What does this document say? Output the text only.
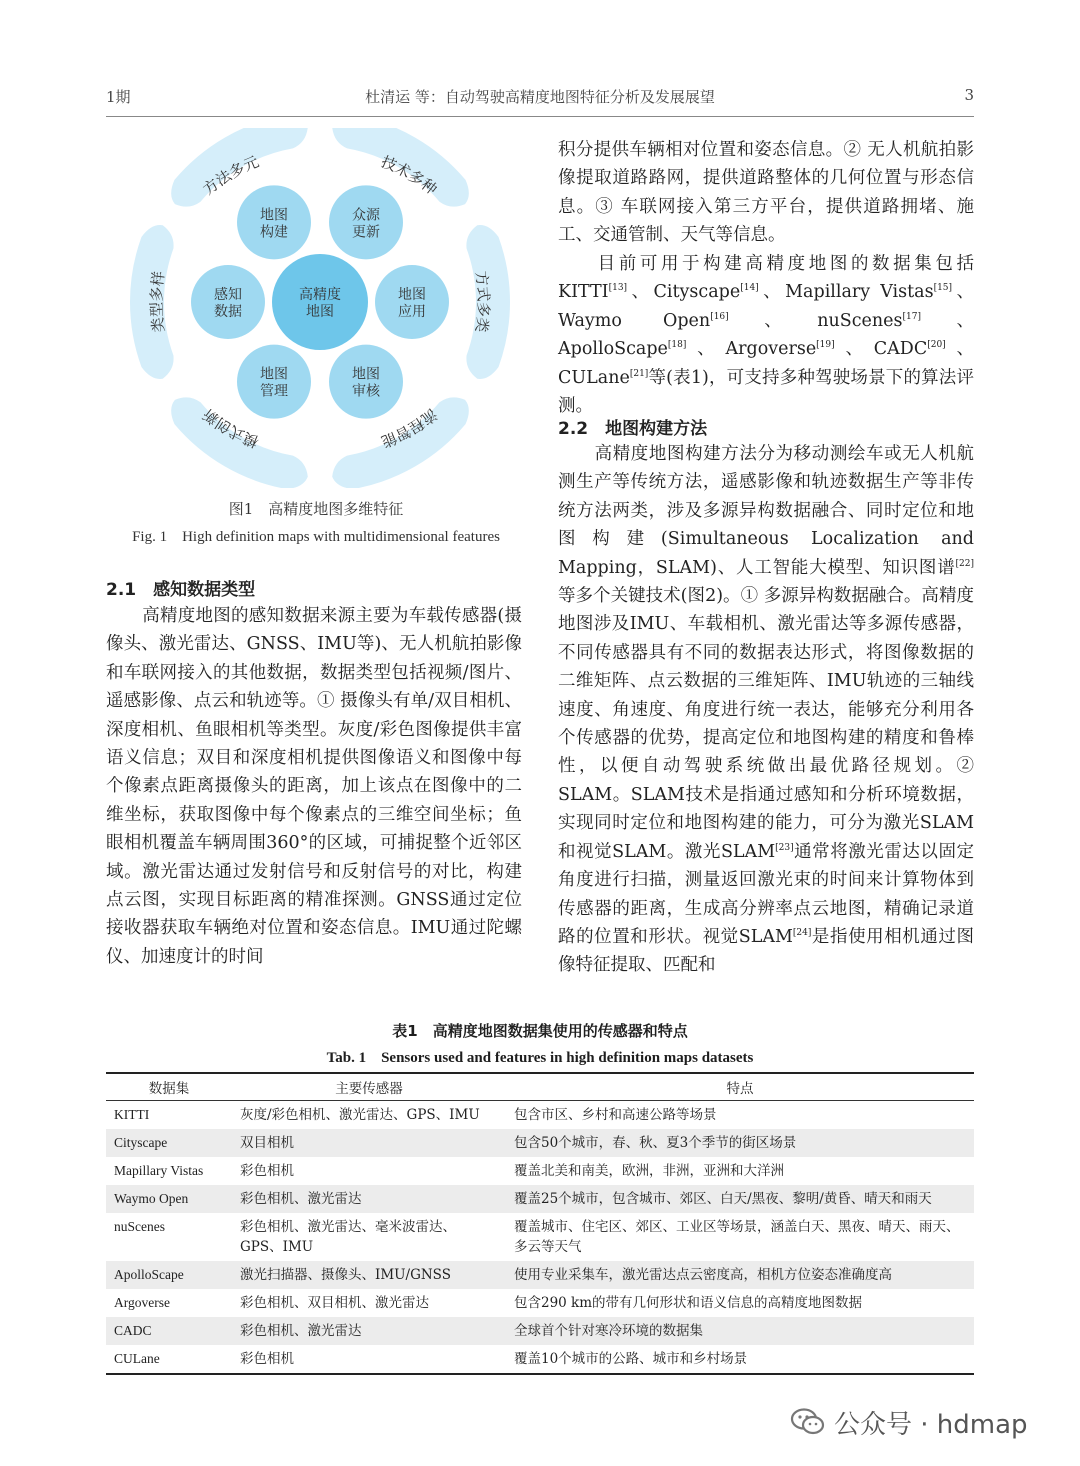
1期	杜清运 等：自动驾驶高精度地图特征分析及发展展望	3
方法多元	技术多种
方式多类
流程智能
模式创新
类型多样
高精度
地图
地图
构建
众源
更新
地图
应用
地图
审核
地图
管理
感知
数据
图1　高精度地图多维特征
Fig. 1　High definition maps with multidimensional features
2.1　感知数据类型

高精度地图的感知数据来源主要为车载传感器(摄像头、激光雷达、GNSS、IMU等)、无人机航拍影像和车联网接入的其他数据，数据类型包括视频/图片、遥感影像、点云和轨迹等。① 摄像头有单/双目相机、深度相机、鱼眼相机等类型。灰度/彩色图像提供丰富语义信息；双目和深度相机提供图像语义和图像中每个像素点距离摄像头的距离，加上该点在图像中的二维坐标，获取图像中每个像素点的三维空间坐标；鱼眼相机覆盖车辆周围360°的区域，可捕捉整个近邻区域。激光雷达通过发射信号和反射信号的对比，构建点云图，实现目标距离的精准探测。GNSS通过定位接收器获取车辆绝对位置和姿态信息。IMU通过陀螺仪、加速度计的时间

积分提供车辆相对位置和姿态信息。② 无人机航拍影像提取道路路网，提供道路整体的几何位置与形态信息。③ 车联网接入第三方平台，提供道路拥堵、施工、交通管制、天气等信息。

目前可用于构建高精度地图的数据集包括KITTI[13]、Cityscape[14]、Mapillary Vistas[15]、Waymo Open[16]、nuScenes[17]、ApolloScape[18]、Argoverse[19]、CADC[20]、CULane[21]等(表1)，可支持多种驾驶场景下的算法评测。

2.2　地图构建方法

高精度地图构建方法分为移动测绘车或无人机航测生产等传统方法，遥感影像和轨迹数据生产等非传统方法两类，涉及多源异构数据融合、同时定位和地图构建(Simultaneous Localization and Mapping，SLAM)、人工智能大模型、知识图谱[22]等多个关键技术(图2)。① 多源异构数据融合。高精度地图涉及IMU、车载相机、激光雷达等多源传感器，不同传感器具有不同的数据表达形式，将图像数据的二维矩阵、点云数据的三维矩阵、IMU轨迹的三轴线速度、角速度、角度进行统一表达，能够充分利用各个传感器的优势，提高定位和地图构建的精度和鲁棒性，以便自动驾驶系统做出最优路径规划。② SLAM。SLAM技术是指通过感知和分析环境数据，实现同时定位和地图构建的能力，可分为激光SLAM和视觉SLAM。激光SLAM[23]通常将激光雷达以固定角度进行扫描，测量返回激光束的时间来计算物体到传感器的距离，生成高分辨率点云地图，精确记录道路的位置和形状。视觉SLAM[24]是指使用相机通过图像特征提取、匹配和

表1　高精度地图数据集使用的传感器和特点
Tab. 1　Sensors used and features in high definition maps datasets
数据集	主要传感器	特点
KITTI	灰度/彩色相机、激光雷达、GPS、IMU	包含市区、乡村和高速公路等场景
Cityscape	双目相机	包含50个城市，春、秋、夏3个季节的街区场景
Mapillary Vistas	彩色相机	覆盖北美和南美，欧洲，非洲，亚洲和大洋洲
Waymo Open	彩色相机、激光雷达	覆盖25个城市，包含城市、郊区、白天/黑夜、黎明/黄昏、晴天和雨天
nuScenes	彩色相机、激光雷达、毫米波雷达、GPS、IMU	覆盖城市、住宅区、郊区、工业区等场景，涵盖白天、黑夜、晴天、雨天、多云等天气
ApolloScape	激光扫描器、摄像头、IMU/GNSS	使用专业采集车，激光雷达点云密度高，相机方位姿态准确度高
Argoverse	彩色相机、双目相机、激光雷达	包含290 km的带有几何形状和语义信息的高精度地图数据
CADC	彩色相机、激光雷达	全球首个针对寒冷环境的数据集
CULane	彩色相机	覆盖10个城市的公路、城市和乡村场景
公众号 · hdmap
